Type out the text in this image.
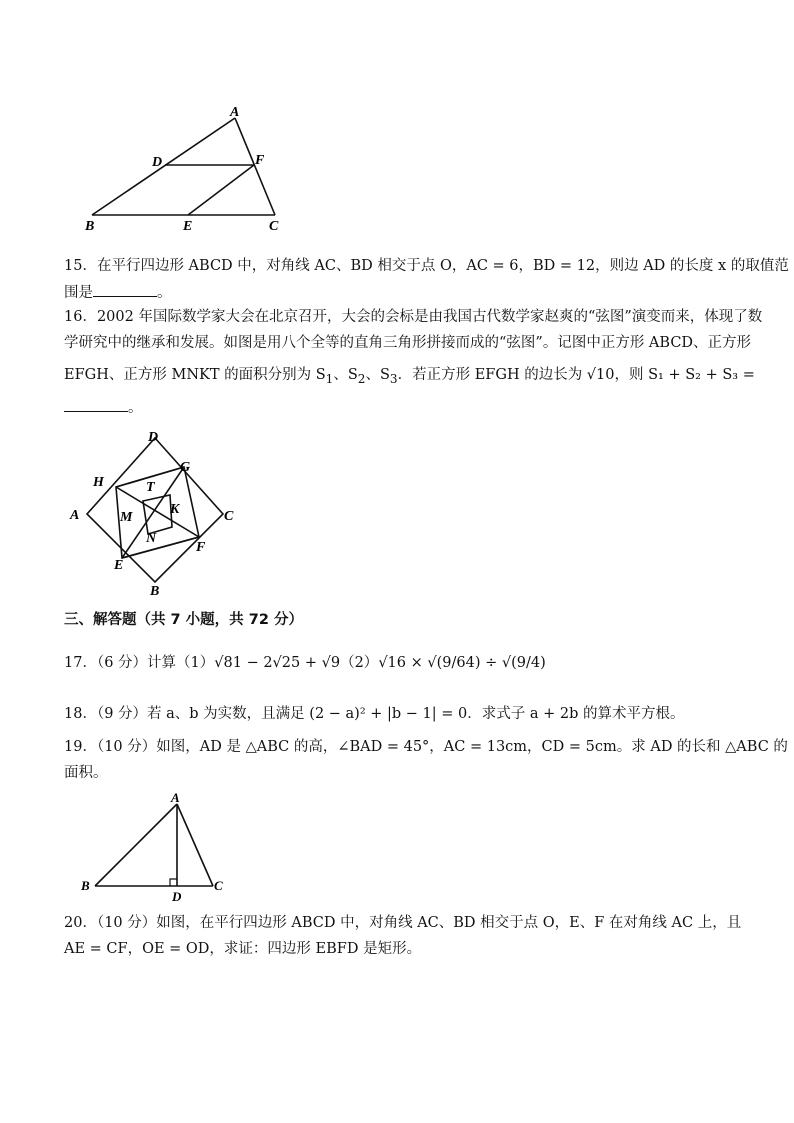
A
D	F
B	E	C
15．在平行四边形 ABCD 中，对角线 AC、BD 相交于点 O，AC = 6，BD = 12，则边 AD 的长度 x 的取值范
围是	。
16．2002 年国际数学家大会在北京召开，大会的会标是由我国古代数学家赵爽的“弦图”演变而来，体现了数
学研究中的继承和发展。如图是用八个全等的直角三角形拼接而成的“弦图”。记图中正方形 ABCD、正方形
EFGH、正方形 MNKT 的面积分别为 $S_1$、$S_2$、$S_3$．若正方形 EFGH 的边长为 √10，则 S₁ + S₂ + S₃ =
。
D
G
H	T
C
A	M
K
N
F
E
B
三、解答题（共 7 小题，共 72 分）
17．（6 分）计算（1）√81 − 2√25 + √9（2）√16 × √(9/64) ÷ √(9/4)
18．（9 分）若 a、b 为实数，且满足 (2 − a)² + |b − 1| = 0．求式子 a + 2b 的算术平方根。
19．（10 分）如图，AD 是 △ABC 的高，∠BAD = 45°，AC = 13cm，CD = 5cm。求 AD 的长和 △ABC 的
面积。
A
B
D
C
20．（10 分）如图，在平行四边形 ABCD 中，对角线 AC、BD 相交于点 O，E、F 在对角线 AC 上，且
AE = CF，OE = OD，求证：四边形 EBFD 是矩形。
